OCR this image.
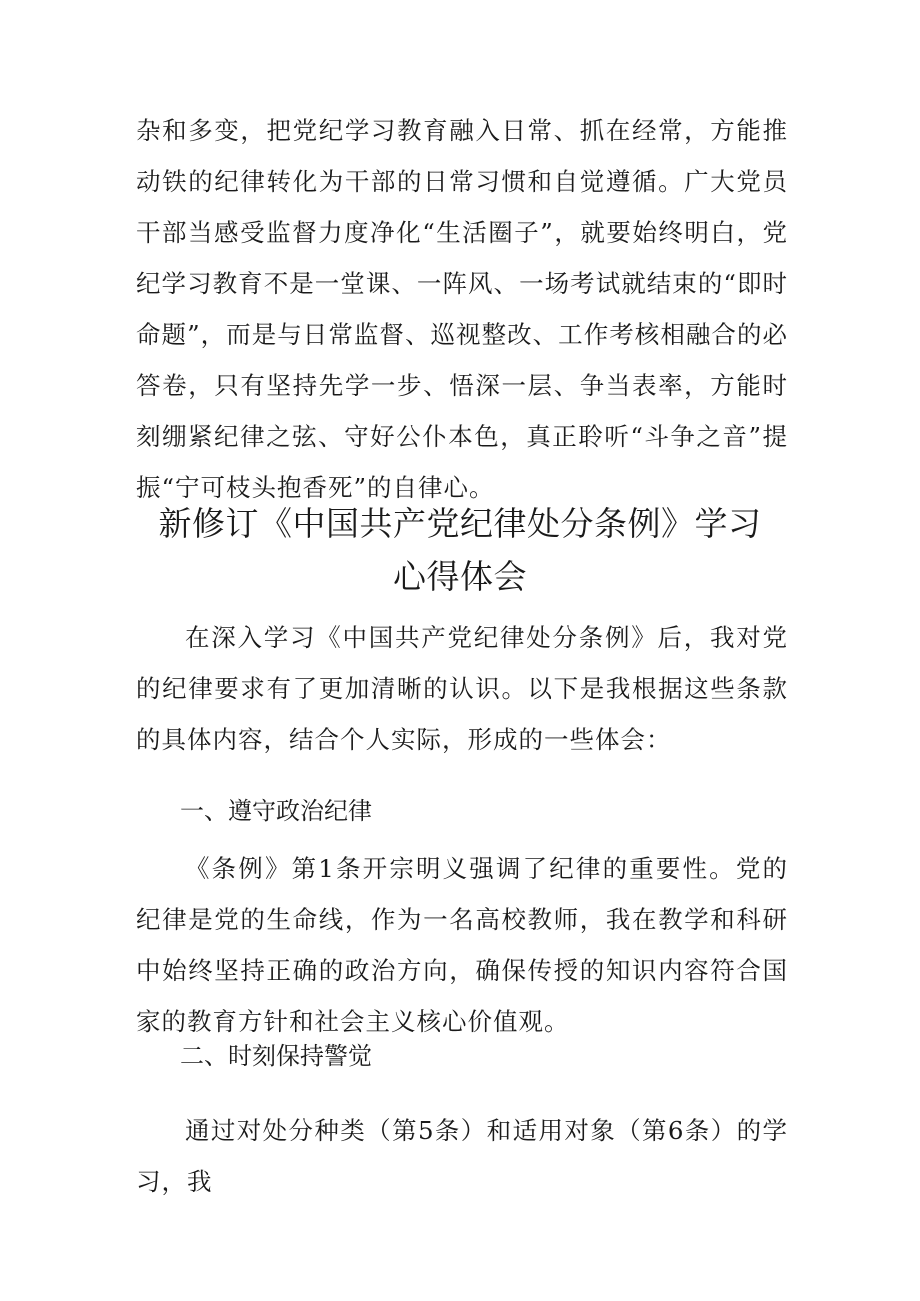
杂和多变，把党纪学习教育融入日常、抓在经常，方能推动铁的纪律转化为干部的日常习惯和自觉遵循。广大党员干部当感受监督力度净化“生活圈子”，就要始终明白，党纪学习教育不是一堂课、一阵风、一场考试就结束的“即时命题”，而是与日常监督、巡视整改、工作考核相融合的必答卷，只有坚持先学一步、悟深一层、争当表率，方能时刻绷紧纪律之弦、守好公仆本色，真正聆听“斗争之音”提振“宁可枝头抱香死”的自律心。

新修订《中国共产党纪律处分条例》学习
心得体会

在深入学习《中国共产党纪律处分条例》后，我对党的纪律要求有了更加清晰的认识。以下是我根据这些条款的具体内容，结合个人实际，形成的一些体会：

一、遵守政治纪律

《条例》第1条开宗明义强调了纪律的重要性。党的纪律是党的生命线，作为一名高校教师，我在教学和科研中始终坚持正确的政治方向，确保传授的知识内容符合国家的教育方针和社会主义核心价值观。

二、时刻保持警觉

通过对处分种类（第5条）和适用对象（第6条）的学习，我
